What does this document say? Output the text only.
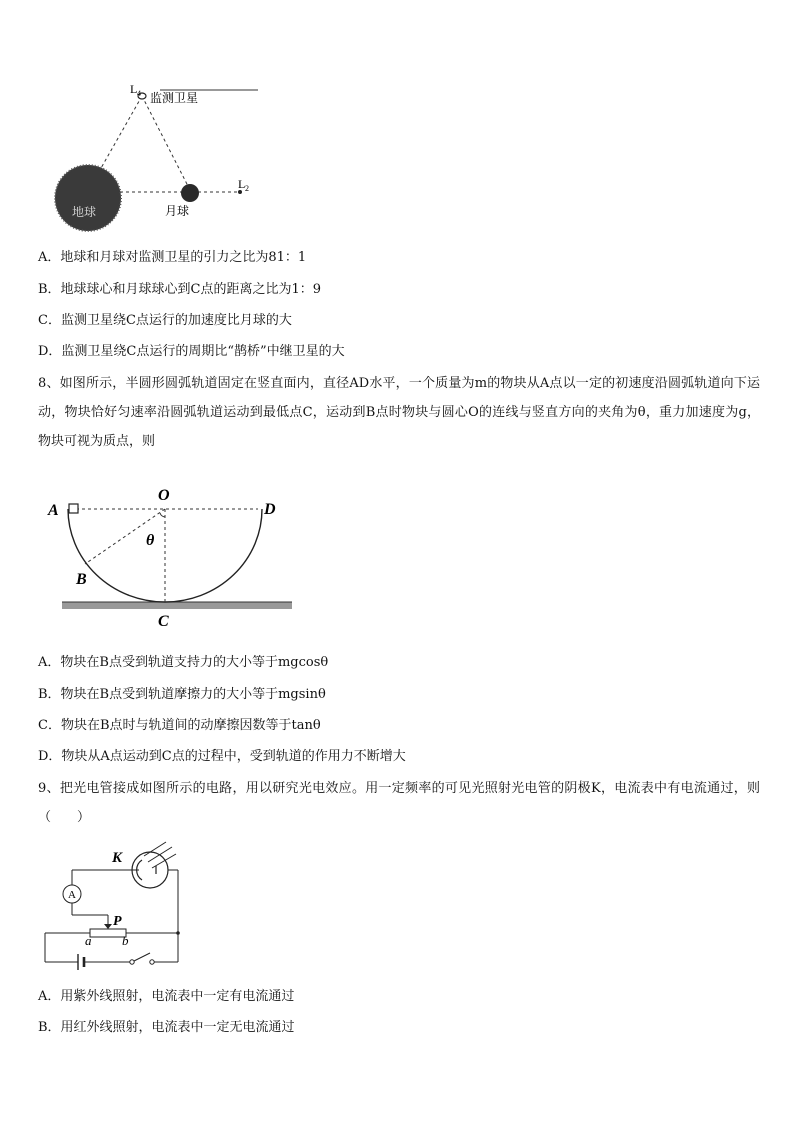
L 4 监测卫星
地球	月球
L 2
A．地球和月球对监测卫星的引力之比为81：1
B．地球球心和月球球心到C点的距离之比为1：9
C．监测卫星绕C点运行的加速度比月球的大
D．监测卫星绕C点运行的周期比“鹊桥”中继卫星的大
8、如图所示，半圆形圆弧轨道固定在竖直面内，直径AD水平，一个质量为m的物块从A点以一定的初速度沿圆弧轨道向下运动，物块恰好匀速率沿圆弧轨道运动到最低点C，运动到B点时物块与圆心O的连线与竖直方向的夹角为θ，重力加速度为g，物块可视为质点，则
A
O
D
B
C
θ
A．物块在B点受到轨道支持力的大小等于mgcosθ
B．物块在B点受到轨道摩擦力的大小等于mgsinθ
C．物块在B点时与轨道间的动摩擦因数等于tanθ
D．物块从A点运动到C点的过程中，受到轨道的作用力不断增大
9、把光电管接成如图所示的电路，用以研究光电效应。用一定频率的可见光照射光电管的阴极K，电流表中有电流通过，则（　　）
A
K
P
a b
A．用紫外线照射，电流表中一定有电流通过
B．用红外线照射，电流表中一定无电流通过
